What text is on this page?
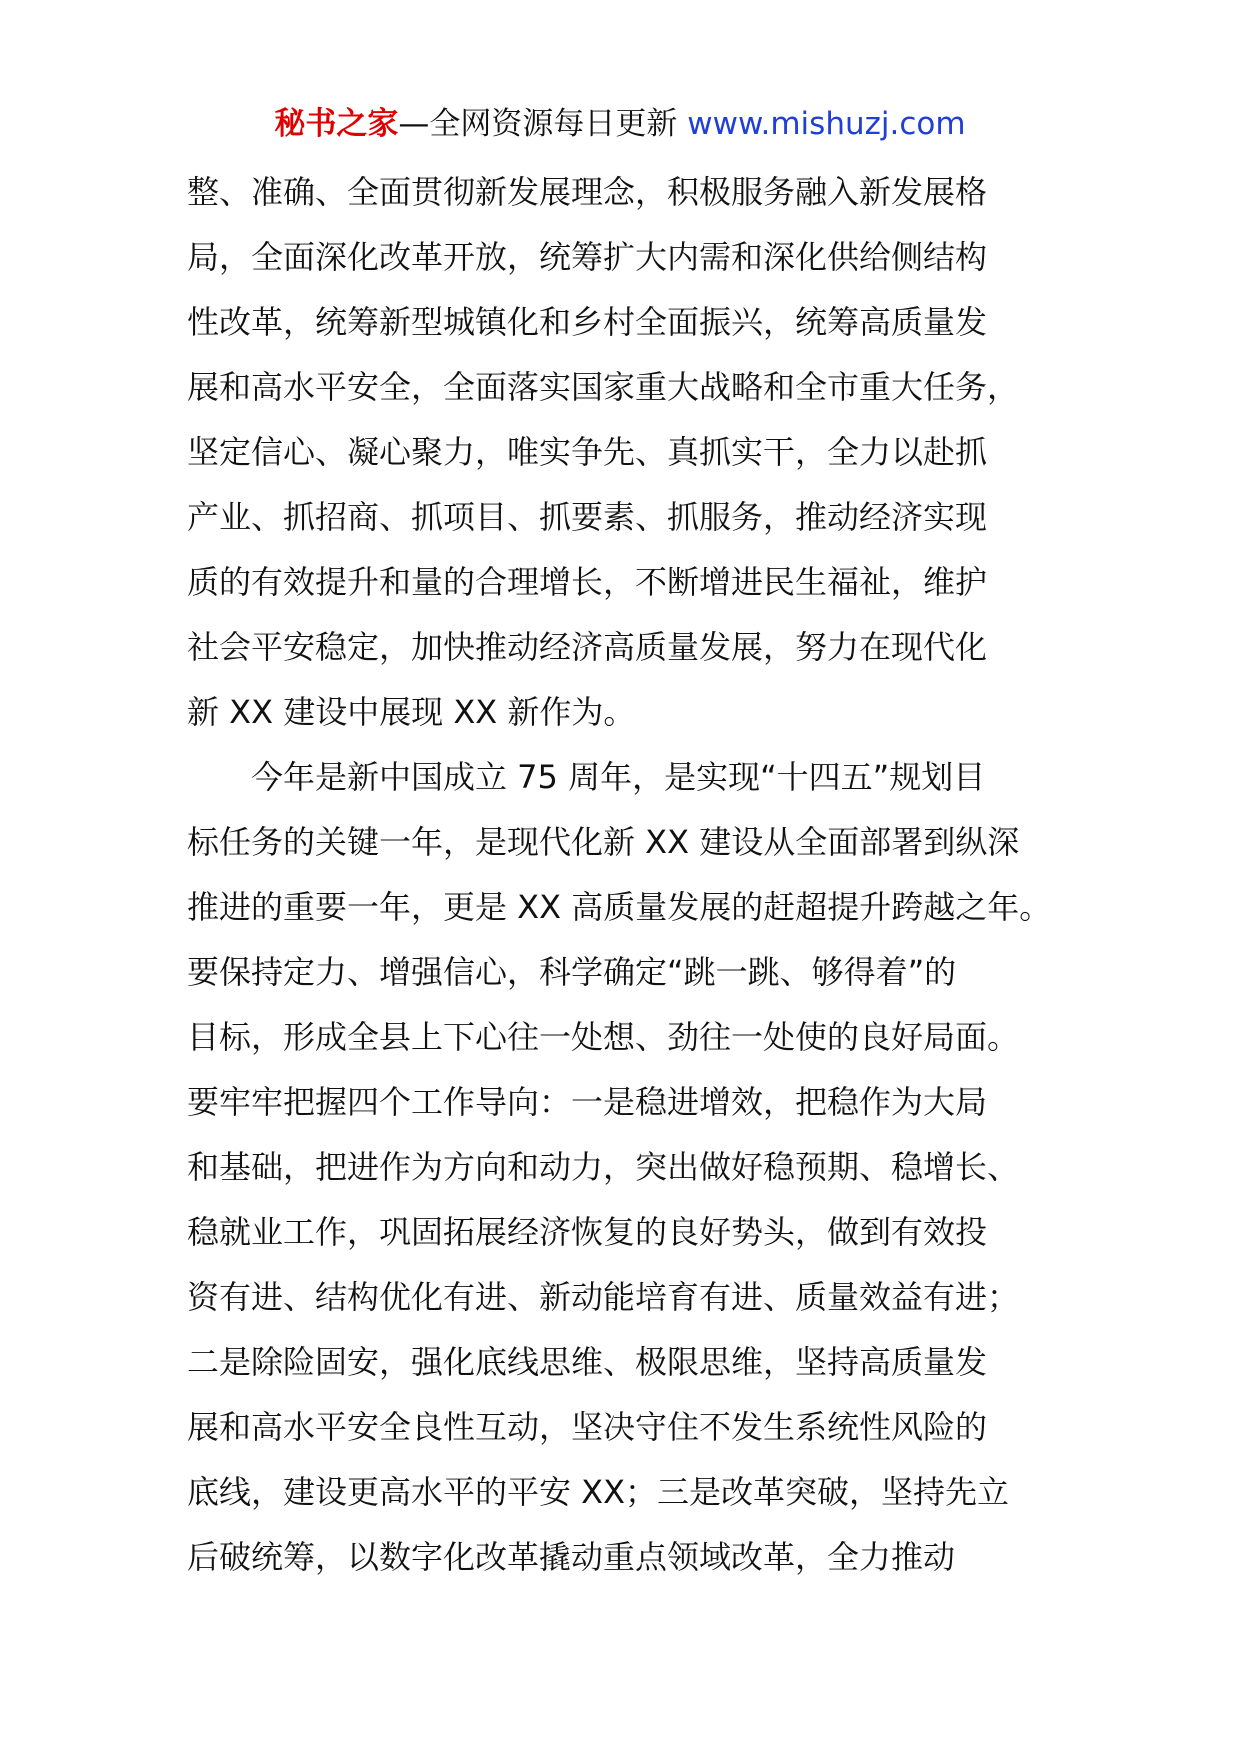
秘书之家—全网资源每日更新 www.mishuzj.com
整、准确、全面贯彻新发展理念，积极服务融入新发展格
局，全面深化改革开放，统筹扩大内需和深化供给侧结构
性改革，统筹新型城镇化和乡村全面振兴，统筹高质量发
展和高水平安全，全面落实国家重大战略和全市重大任务，
坚定信心、凝心聚力，唯实争先、真抓实干，全力以赴抓
产业、抓招商、抓项目、抓要素、抓服务，推动经济实现
质的有效提升和量的合理增长，不断增进民生福祉，维护
社会平安稳定，加快推动经济高质量发展，努力在现代化
新 XX 建设中展现 XX 新作为。
　　今年是新中国成立 75 周年，是实现“十四五”规划目
标任务的关键一年，是现代化新 XX 建设从全面部署到纵深
推进的重要一年，更是 XX 高质量发展的赶超提升跨越之年。
要保持定力、增强信心，科学确定“跳一跳、够得着”的
目标，形成全县上下心往一处想、劲往一处使的良好局面。
要牢牢把握四个工作导向：一是稳进增效，把稳作为大局
和基础，把进作为方向和动力，突出做好稳预期、稳增长、
稳就业工作，巩固拓展经济恢复的良好势头，做到有效投
资有进、结构优化有进、新动能培育有进、质量效益有进；
二是除险固安，强化底线思维、极限思维，坚持高质量发
展和高水平安全良性互动，坚决守住不发生系统性风险的
底线，建设更高水平的平安 XX；三是改革突破，坚持先立
后破统筹，以数字化改革撬动重点领域改革，全力推动
